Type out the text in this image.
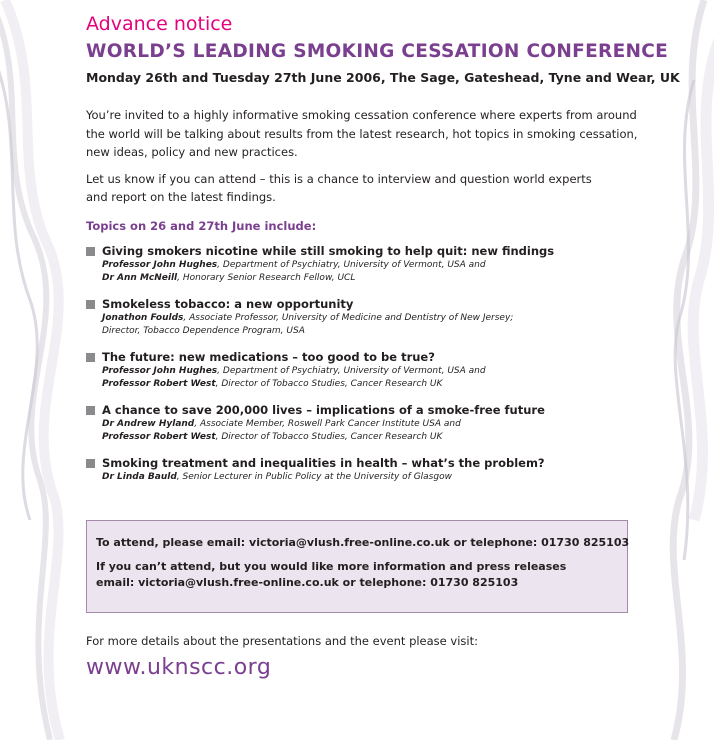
Advance notice

WORLD’S LEADING SMOKING CESSATION CONFERENCE

Monday 26th and Tuesday 27th June 2006, The Sage, Gateshead, Tyne and Wear, UK

You’re invited to a highly informative smoking cessation conference where experts from around
the world will be talking about results from the latest research, hot topics in smoking cessation,
new ideas, policy and new practices.
Let us know if you can attend – this is a chance to interview and question world experts
and report on the latest findings.

Topics on 26 and 27th June include:

Giving smokers nicotine while still smoking to help quit: new findings

Professor John Hughes, Department of Psychiatry, University of Vermont, USA and

Dr Ann McNeill, Honorary Senior Research Fellow, UCL

Smokeless tobacco: a new opportunity

Jonathon Foulds, Associate Professor, University of Medicine and Dentistry of New Jersey;

Director, Tobacco Dependence Program, USA

The future: new medications – too good to be true?

Professor John Hughes, Department of Psychiatry, University of Vermont, USA and

Professor Robert West, Director of Tobacco Studies, Cancer Research UK

A chance to save 200,000 lives – implications of a smoke-free future

Dr Andrew Hyland, Associate Member, Roswell Park Cancer Institute USA and

Professor Robert West, Director of Tobacco Studies, Cancer Research UK

Smoking treatment and inequalities in health – what’s the problem?

Dr Linda Bauld, Senior Lecturer in Public Policy at the University of Glasgow

To attend, please email: victoria@vlush.free-online.co.uk or telephone: 01730 825103

If you can’t attend, but you would like more information and press releases

email: victoria@vlush.free-online.co.uk or telephone: 01730 825103

For more details about the presentations and the event please visit:

www.uknscc.org
